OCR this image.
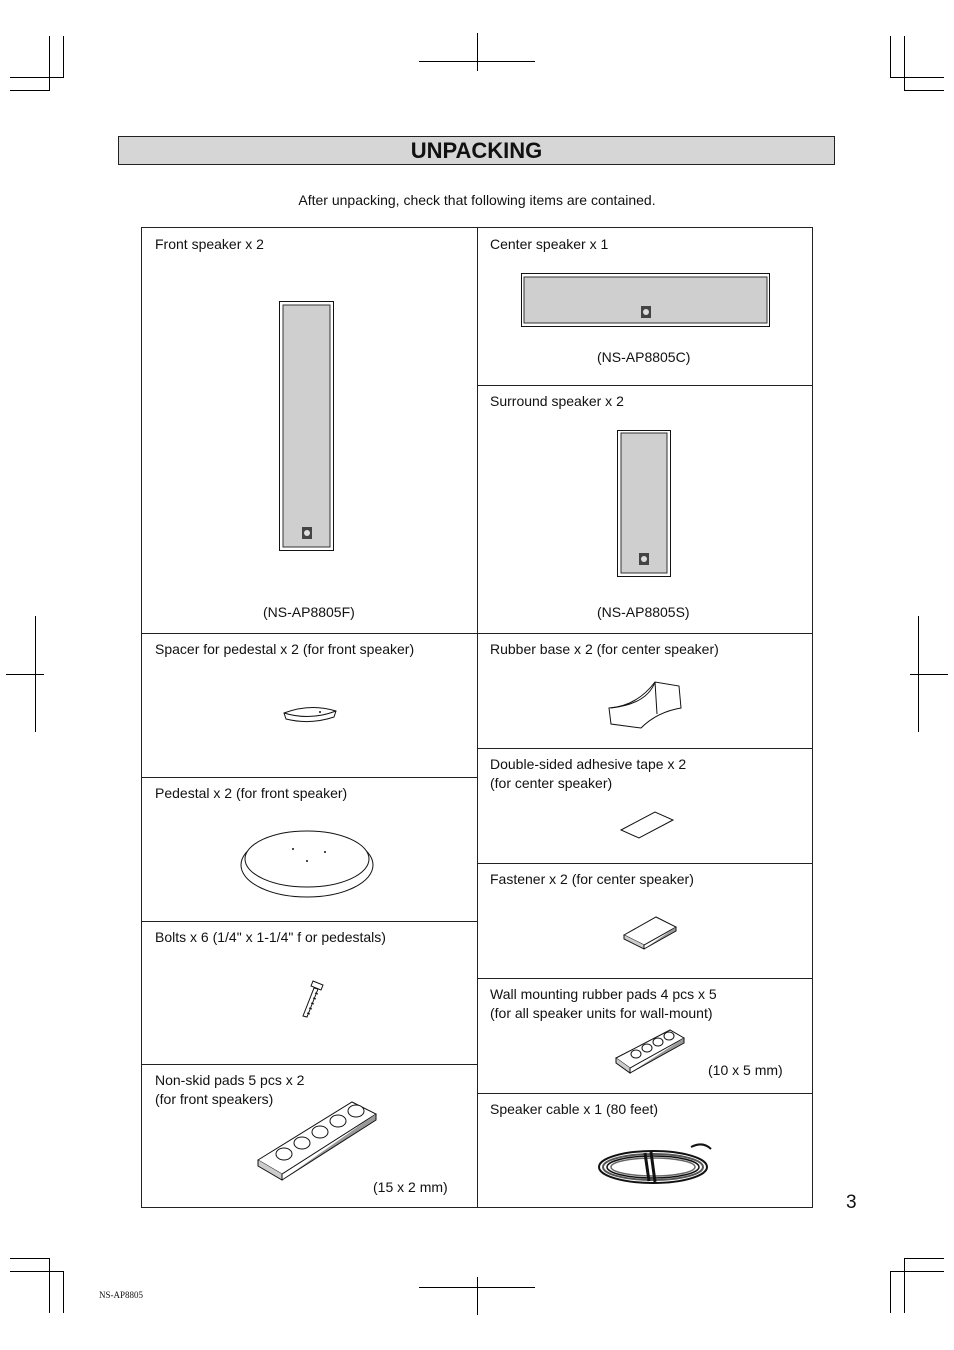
UNPACKING
After unpacking, check that following items are contained.
Front speaker x 2
(NS-AP8805F)
Center speaker x 1
(NS-AP8805C)
Surround speaker x 2
(NS-AP8805S)
Spacer for pedestal x 2 (for front speaker)	Rubber base x 2 (for center speaker)
Double-sided adhesive tape x 2
(for center speaker)
Pedestal x 2 (for front speaker)
Fastener x 2 (for center speaker)
Bolts x 6 (1/4" x 1-1/4" f or pedestals)
Wall mounting rubber pads 4 pcs x 5
(for all speaker units for wall-mount)
(10 x 5 mm)
Non-skid pads 5 pcs x 2
(for front speakers)
(15 x 2 mm)
Speaker cable x 1 (80 feet)
3
NS-AP8805
